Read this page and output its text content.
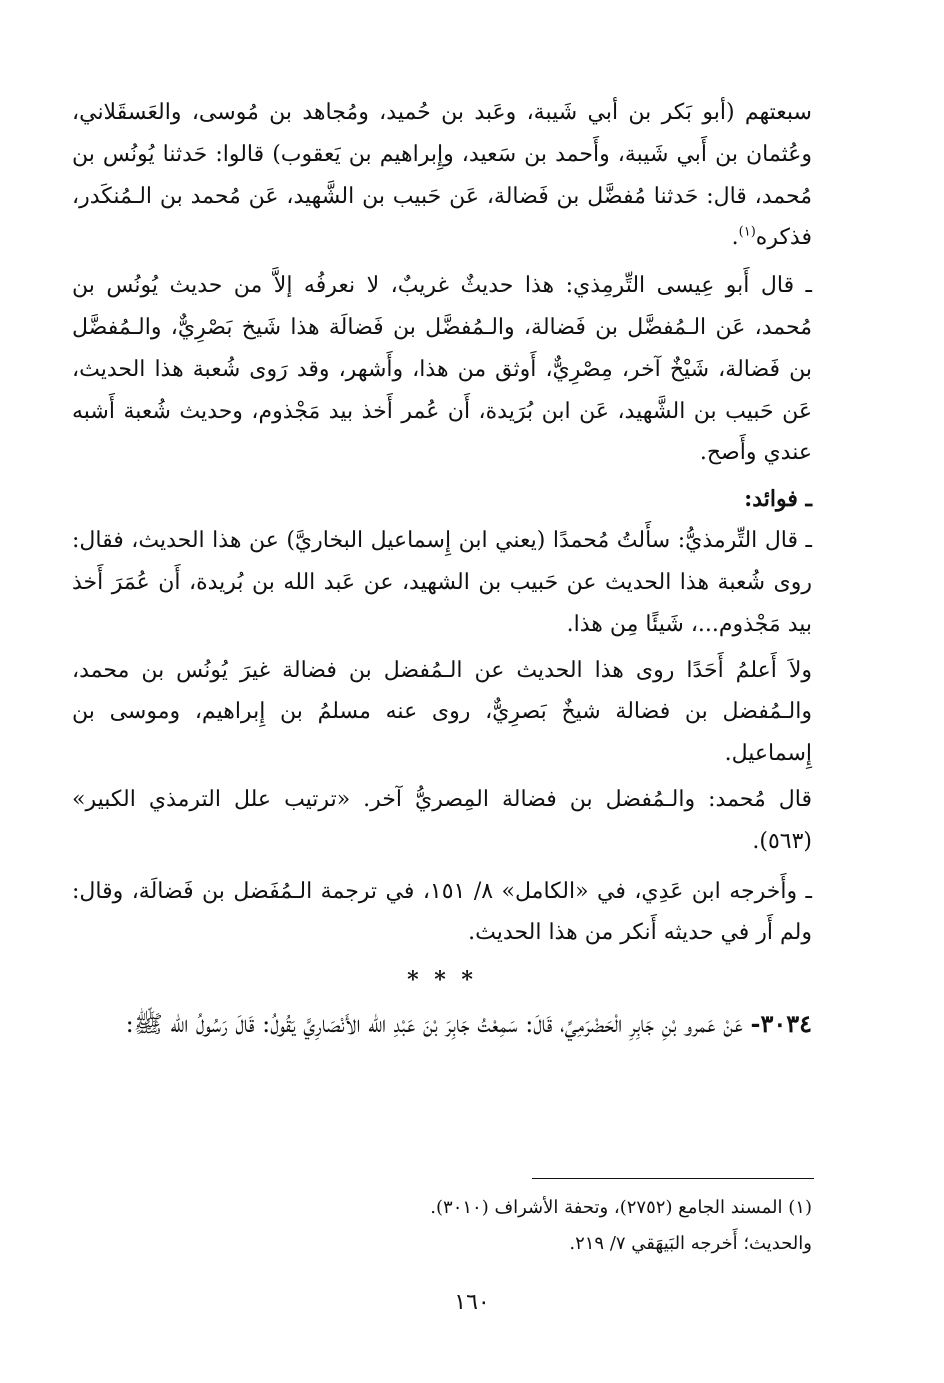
سبعتهم (أبو بَكر بن أبي شَيبة، وعَبد بن حُميد، ومُجاهد بن مُوسى، والعَسقَلاني، وعُثمان بن أَبي شَيبة، وأَحمد بن سَعيد، وإِبراهيم بن يَعقوب) قالوا: حَدثنا يُونُس بن مُحمد، قال: حَدثنا مُفضَّل بن فَضالة، عَن حَبيب بن الشَّهيد، عَن مُحمد بن الـمُنكَدر، فذكره$^{(١)}$.

ـ قال أَبو عِيسى التِّرمِذي: هذا حديثٌ غريبٌ، لا نعرفُه إلاَّ من حديث يُونُس بن مُحمد، عَن الـمُفضَّل بن فَضالة، والـمُفضَّل بن فَضالَة هذا شَيخ بَصْرِيٌّ، والـمُفضَّل بن فَضالة، شَيْخٌ آخر، مِصْرِيٌّ، أَوثق من هذا، وأَشهر، وقد رَوى شُعبة هذا الحديث، عَن حَبيب بن الشَّهيد، عَن ابن بُرَيدة، أَن عُمر أَخذ بيد مَجْذوم، وحديث شُعبة أَشبه عندي وأَصح.

ـ فوائد:

ـ قال التِّرمذيُّ: سأَلتُ مُحمدًا (يعني ابن إِسماعيل البخاريَّ) عن هذا الحديث، فقال: روى شُعبة هذا الحديث عن حَبيب بن الشهيد، عن عَبد الله بن بُريدة، أَن عُمَرَ أَخذ بيد مَجْذوم...، شَيئًا مِن هذا.

ولاَ أَعلمُ أَحَدًا روى هذا الحديث عن الـمُفضل بن فضالة غيرَ يُونُس بن محمد، والـمُفضل بن فضالة شيخٌ بَصرِيٌّ، روى عنه مسلمُ بن إِبراهيم، وموسى بن إِسماعيل.

قال مُحمد: والـمُفضل بن فضالة المِصريُّ آخر. «ترتيب علل الترمذي الكبير» (٥٦٣).

ـ وأَخرجه ابن عَدِي، في «الكامل» ٨/ ١٥١، في ترجمة الـمُفَضل بن فَضالَة، وقال: ولم أَر في حديثه أَنكر من هذا الحديث.

* * *

٣٠٣٤- عَنْ عَمرو بْنِ جَابِرِ الْحَضْرَمِيِّ، قَالَ: سَمِعْتُ جَابِرَ بْنَ عَبْدِ الله الأَنْصَارِيَّ يَقُولُ: قَالَ رَسُولُ الله ﷺ:

(١) المسند الجامع (٢٧٥٢)، وتحفة الأشراف (٣٠١٠).

والحديث؛ أَخرجه البَيهَقي ٧/ ٢١٩.

١٦٠
